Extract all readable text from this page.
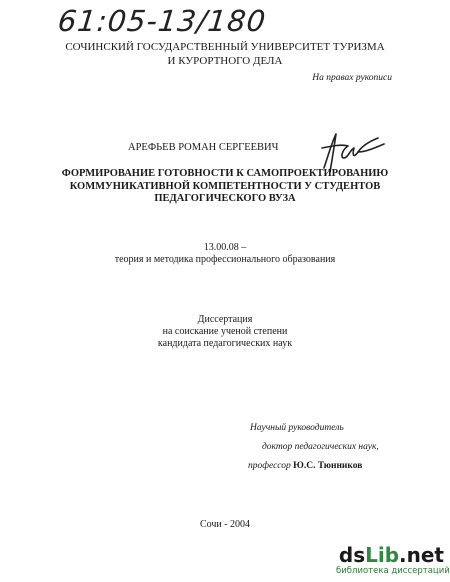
61:05-13/180
СОЧИНСКИЙ ГОСУДАРСТВЕННЫЙ УНИВЕРСИТЕТ ТУРИЗМА И КУРОРТНОГО ДЕЛА
На правах рукописи
АРЕФЬЕВ РОМАН СЕРГЕЕВИЧ
ФОРМИРОВАНИЕ ГОТОВНОСТИ К САМОПРОЕКТИРОВАНИЮ КОММУНИКАТИВНОЙ КОМПЕТЕНТНОСТИ У СТУДЕНТОВ ПЕДАГОГИЧЕСКОГО ВУЗА
13.00.08 –
теория и методика профессионального образования
Диссертация
на соискание ученой степени
кандидата педагогических наук
Научный руководитель
доктор педагогических наук,
профессор Ю.С. Тюнников
Сочи - 2004
dsLib.net
библиотека диссертаций
